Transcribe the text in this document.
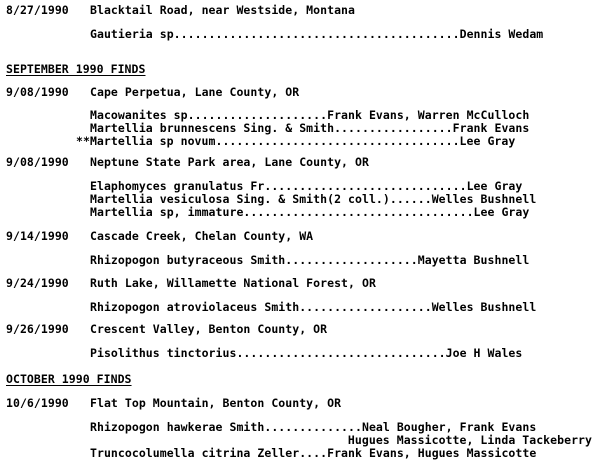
8/27/1990 Blacktail Road, near Westside, Montana
Gautieria sp.........................................Dennis Wedam
SEPTEMBER 1990 FINDS
9/08/1990 Cape Perpetua, Lane County, OR
Macowanites sp....................Frank Evans, Warren McCulloch
Martellia brunnescens Sing. & Smith.................Frank Evans
**Martellia sp novum...................................Lee Gray
9/08/1990 Neptune State Park area, Lane County, OR
Elaphomyces granulatus Fr.............................Lee Gray
Martellia vesiculosa Sing. & Smith(2 coll.)......Welles Bushnell
Martellia sp, immature.................................Lee Gray
9/14/1990 Cascade Creek, Chelan County, WA
Rhizopogon butyraceous Smith...................Mayetta Bushnell
9/24/1990 Ruth Lake, Willamette National Forest, OR
Rhizopogon atroviolaceus Smith...................Welles Bushnell
9/26/1990 Crescent Valley, Benton County, OR
Pisolithus tinctorius..............................Joe H Wales
OCTOBER 1990 FINDS
10/6/1990 Flat Top Mountain, Benton County, OR
Rhizopogon hawkerae Smith..............Neal Bougher, Frank Evans
Hugues Massicotte, Linda Tackeberry
Truncocolumella citrina Zeller....Frank Evans, Hugues Massicotte
